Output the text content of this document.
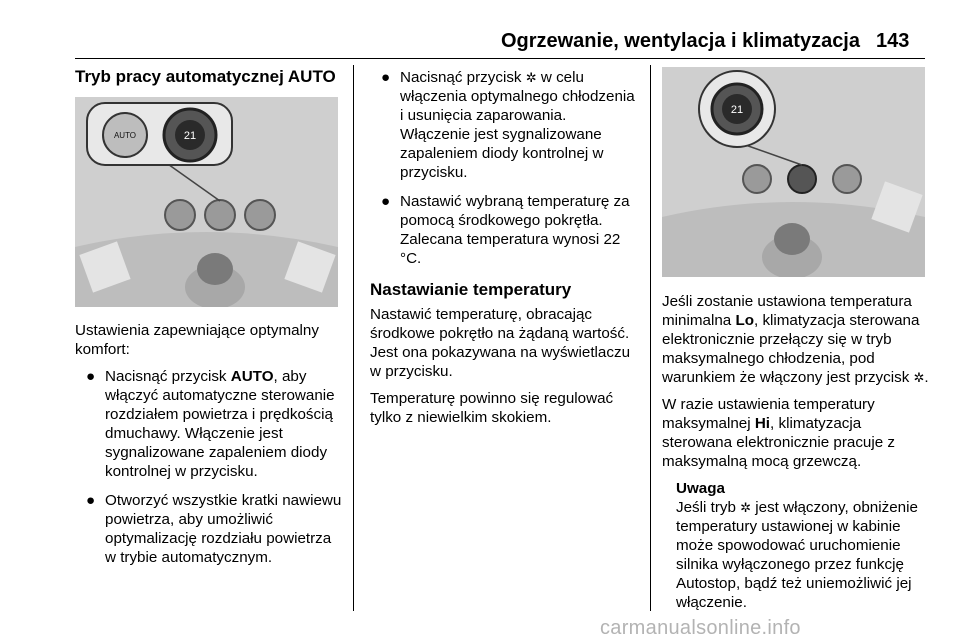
Ogrzewanie, wentylacja i klimatyzacja 143
Tryb pracy automatycznej AUTO
AUTO	21

Ustawienia zapewniające optymalny komfort:

● Nacisnąć przycisk AUTO, aby włączyć automatyczne sterowanie rozdziałem powietrza i prędkością dmuchawy. Włączenie jest sygnalizowane zapaleniem diody kontrolnej w przycisku.
● Otworzyć wszystkie kratki nawiewu powietrza, aby umożliwić optymalizację rozdziału powietrza w trybie automatycznym.
● Nacisnąć przycisk ✲ w celu włączenia optymalnego chłodzenia i usunięcia zaparowania. Włączenie jest sygnalizowane zapaleniem diody kontrolnej w przycisku.
● Nastawić wybraną temperaturę za pomocą środkowego pokrętła. Zalecana temperatura wynosi 22 °C.
Nastawianie temperatury

Nastawić temperaturę, obracając środkowe pokrętło na żądaną wartość. Jest ona pokazywana na wyświetlaczu w przycisku.

Temperaturę powinno się regulować tylko z niewielkim skokiem.

21

Jeśli zostanie ustawiona temperatura minimalna Lo, klimatyzacja sterowana elektronicznie przełączy się w tryb maksymalnego chłodzenia, pod warunkiem że włączony jest przycisk ✲.

W razie ustawienia temperatury maksymalnej Hi, klimatyzacja sterowana elektronicznie pracuje z maksymalną mocą grzewczą.

Uwaga
Jeśli tryb ✲ jest włączony, obniżenie temperatury ustawionej w kabinie może spowodować uruchomienie silnika wyłączonego przez funkcję Autostop, bądź też uniemożliwić jej włączenie.
carmanualsonline.info
